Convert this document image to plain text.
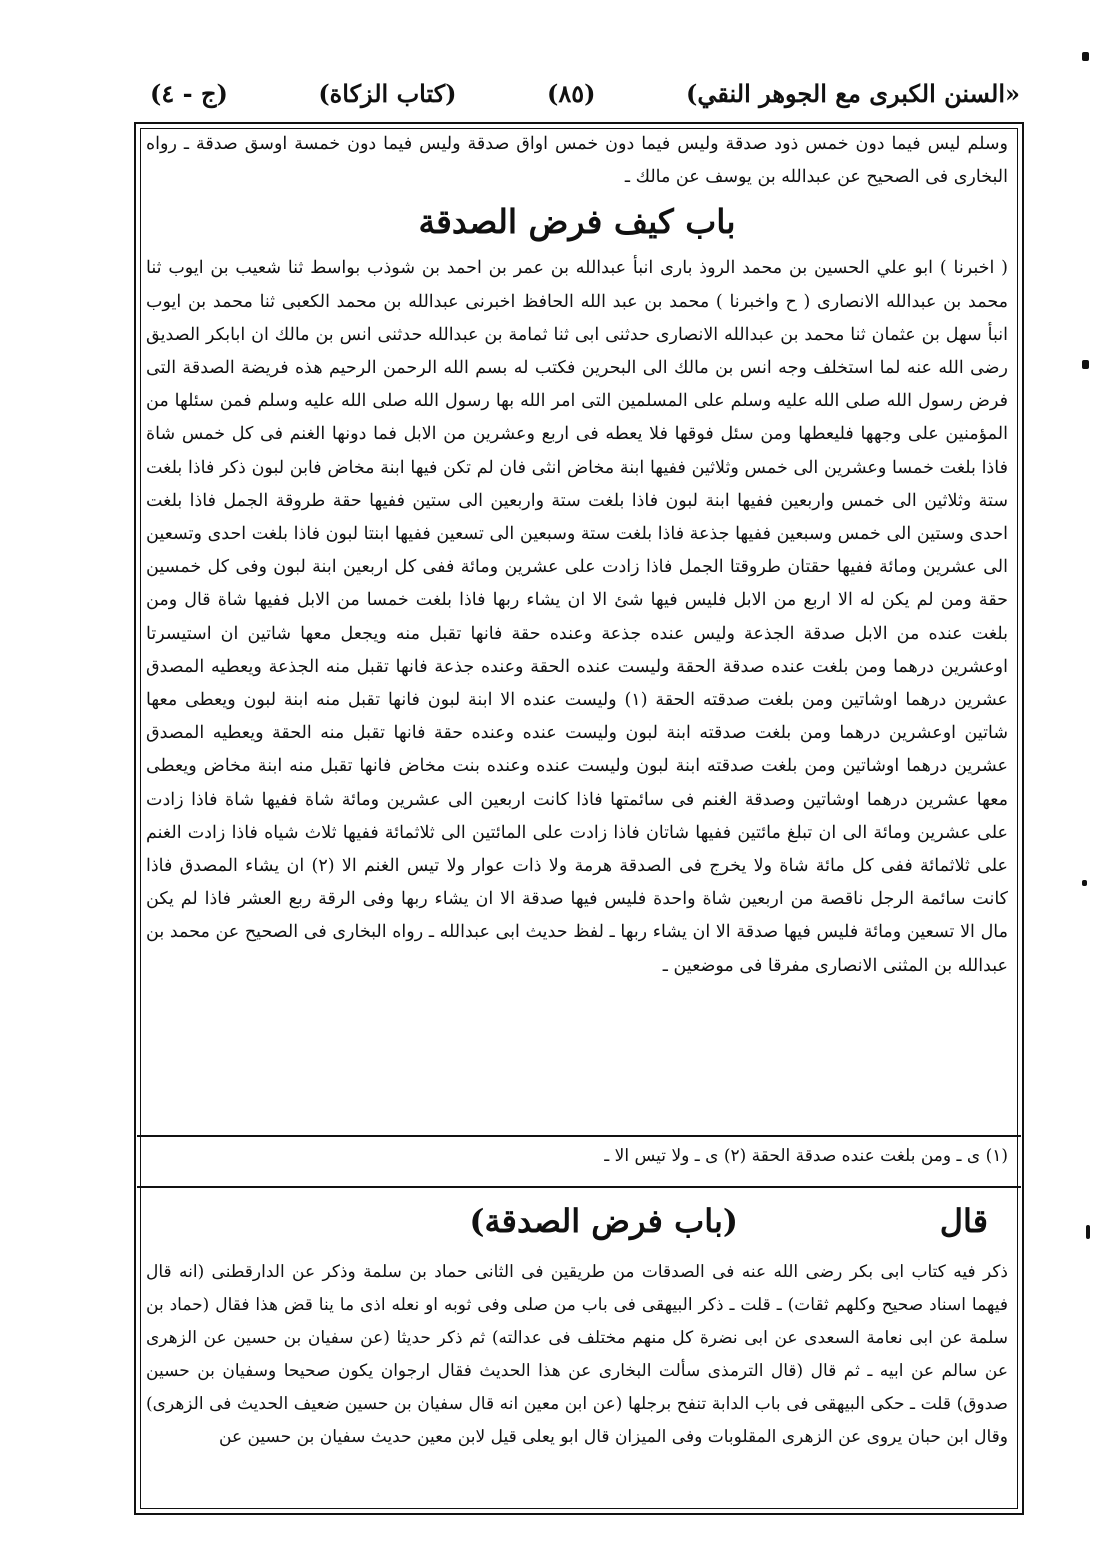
«السنن الكبرى مع الجوهر النقي)
(٨٥)
(كتاب الزكاة)
(ج - ٤)

وسلم ليس فيما دون خمس ذود صدقة وليس فيما دون خمس اواق صدقة وليس فيما دون خمسة اوسق صدقة ـ رواه البخارى فى الصحيح عن عبدالله بن يوسف عن مالك ـ

باب كيف فرض الصدقة

( اخبرنا ) ابو علي الحسين بن محمد الروذ بارى انبأ عبدالله بن عمر بن احمد بن شوذب بواسط ثنا شعيب بن ايوب ثنا محمد بن عبدالله الانصارى ( ح واخبرنا ) محمد بن عبد الله الحافظ اخبرنى عبدالله بن محمد الكعبى ثنا محمد بن ايوب انبأ سهل بن عثمان ثنا محمد بن عبدالله الانصارى حدثنى ابى ثنا ثمامة بن عبدالله حدثنى انس بن مالك ان ابابكر الصديق رضى الله عنه لما استخلف وجه انس بن مالك الى البحرين فكتب له بسم الله الرحمن الرحيم هذه فريضة الصدقة التى فرض رسول الله صلى الله عليه وسلم على المسلمين التى امر الله بها رسول الله صلى الله عليه وسلم فمن سئلها من المؤمنين على وجهها فليعطها ومن سئل فوقها فلا يعطه فى اربع وعشرين من الابل فما دونها الغنم فى كل خمس شاة فاذا بلغت خمسا وعشرين الى خمس وثلاثين ففيها ابنة مخاض انثى فان لم تكن فيها ابنة مخاض فابن لبون ذكر فاذا بلغت ستة وثلاثين الى خمس واربعين ففيها ابنة لبون فاذا بلغت ستة واربعين الى ستين ففيها حقة طروقة الجمل فاذا بلغت احدى وستين الى خمس وسبعين ففيها جذعة فاذا بلغت ستة وسبعين الى تسعين ففيها ابنتا لبون فاذا بلغت احدى وتسعين الى عشرين ومائة ففيها حقتان طروقتا الجمل فاذا زادت على عشرين ومائة ففى كل اربعين ابنة لبون وفى كل خمسين حقة ومن لم يكن له الا اربع من الابل فليس فيها شئ الا ان يشاء ربها فاذا بلغت خمسا من الابل ففيها شاة قال ومن بلغت عنده من الابل صدقة الجذعة وليس عنده جذعة وعنده حقة فانها تقبل منه ويجعل معها شاتين ان استيسرتا اوعشرين درهما ومن بلغت عنده صدقة الحقة وليست عنده الحقة وعنده جذعة فانها تقبل منه الجذعة ويعطيه المصدق عشرين درهما اوشاتين ومن بلغت صدقته الحقة (١) وليست عنده الا ابنة لبون فانها تقبل منه ابنة لبون ويعطى معها شاتين اوعشرين درهما ومن بلغت صدقته ابنة لبون وليست عنده وعنده حقة فانها تقبل منه الحقة ويعطيه المصدق عشرين درهما اوشاتين ومن بلغت صدقته ابنة لبون وليست عنده وعنده بنت مخاض فانها تقبل منه ابنة مخاض ويعطى معها عشرين درهما اوشاتين وصدقة الغنم فى سائمتها فاذا كانت اربعين الى عشرين ومائة شاة ففيها شاة فاذا زادت على عشرين ومائة الى ان تبلغ مائتين ففيها شاتان فاذا زادت على المائتين الى ثلاثمائة ففيها ثلاث شياه فاذا زادت الغنم على ثلاثمائة ففى كل مائة شاة ولا يخرج فى الصدقة هرمة ولا ذات عوار ولا تيس الغنم الا (٢) ان يشاء المصدق فاذا كانت سائمة الرجل ناقصة من اربعين شاة واحدة فليس فيها صدقة الا ان يشاء ربها وفى الرقة ربع العشر فاذا لم يكن مال الا تسعين ومائة فليس فيها صدقة الا ان يشاء ربها ـ لفظ حديث ابى عبدالله ـ رواه البخارى فى الصحيح عن محمد بن عبدالله بن المثنى الانصارى مفرقا فى موضعين ـ

(١) ى ـ ومن بلغت عنده صدقة الحقة (٢) ى ـ ولا تيس الا ـ
قال
(باب فرض الصدقة)

ذكر فيه كتاب ابى بكر رضى الله عنه فى الصدقات من طريقين فى الثانى حماد بن سلمة وذكر عن الدارقطنى (انه قال فيهما اسناد صحيح وكلهم ثقات) ـ قلت ـ ذكر البيهقى فى باب من صلى وفى ثوبه او نعله اذى ما ينا قض هذا فقال (حماد بن سلمة عن ابى نعامة السعدى عن ابى نضرة كل منهم مختلف فى عدالته) ثم ذكر حديثا (عن سفيان بن حسين عن الزهرى عن سالم عن ابيه ـ ثم قال (قال الترمذى سألت البخارى عن هذا الحديث فقال ارجوان يكون صحيحا وسفيان بن حسين صدوق) قلت ـ حكى البيهقى فى باب الدابة تنفح برجلها (عن ابن معين انه قال سفيان بن حسين ضعيف الحديث فى الزهرى) وقال ابن حبان يروى عن الزهرى المقلوبات وفى الميزان قال ابو يعلى قيل لابن معين حديث سفيان بن حسين عن
